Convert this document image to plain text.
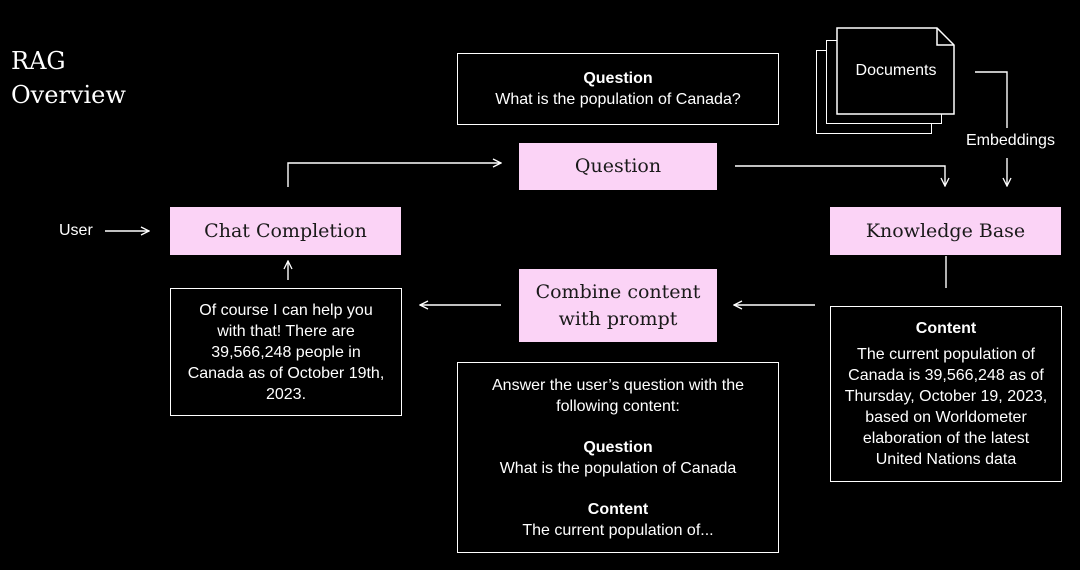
RAG
Overview
User
Question
What is the population of Canada?
Documents
Embeddings
Question
Chat Completion	Knowledge Base
Combine content
with prompt
Of course I can help you
with that! There are
39,566,248 people in
Canada as of October 19th,
2023.
Content
The current population of
Canada is 39,566,248 as of
Thursday, October 19, 2023,
based on Worldometer
elaboration of the latest
United Nations data
Answer the user’s question with the
following content:
Question
What is the population of Canada
Content
The current population of...
